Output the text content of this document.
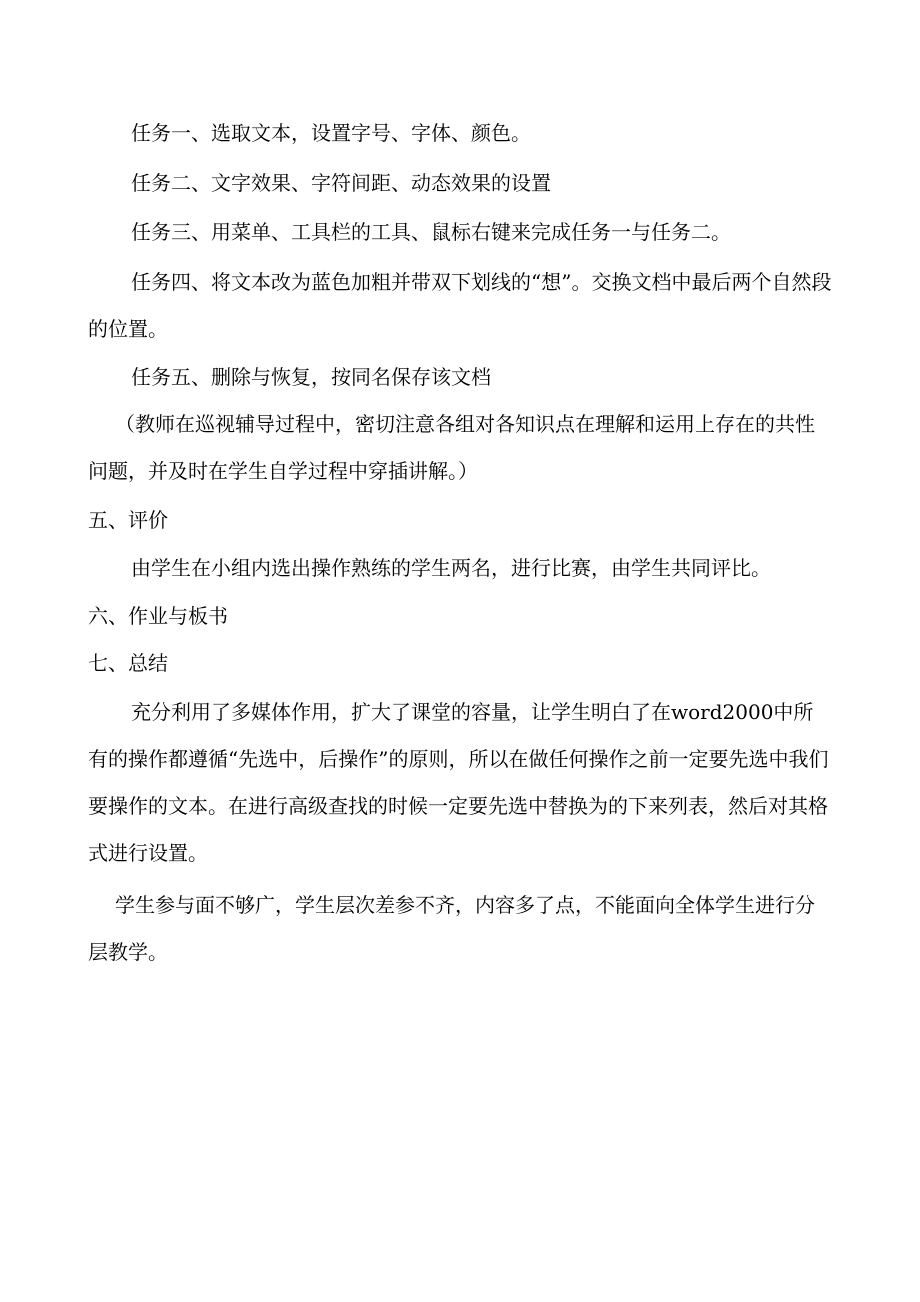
任务一、选取文本，设置字号、字体、颜色。

任务二、文字效果、字符间距、动态效果的设置

任务三、用菜单、工具栏的工具、鼠标右键来完成任务一与任务二。

任务四、将文本改为蓝色加粗并带双下划线的“想”。交换文档中最后两个自然段的位置。

任务五、删除与恢复，按同名保存该文档

（教师在巡视辅导过程中，密切注意各组对各知识点在理解和运用上存在的共性问题，并及时在学生自学过程中穿插讲解。）

五、评价

由学生在小组内选出操作熟练的学生两名，进行比赛，由学生共同评比。

六、作业与板书

七、总结

充分利用了多媒体作用，扩大了课堂的容量，让学生明白了在word2000中所有的操作都遵循“先选中，后操作”的原则，所以在做任何操作之前一定要先选中我们要操作的文本。在进行高级查找的时候一定要先选中替换为的下来列表，然后对其格式进行设置。

学生参与面不够广，学生层次差参不齐，内容多了点，不能面向全体学生进行分层教学。
